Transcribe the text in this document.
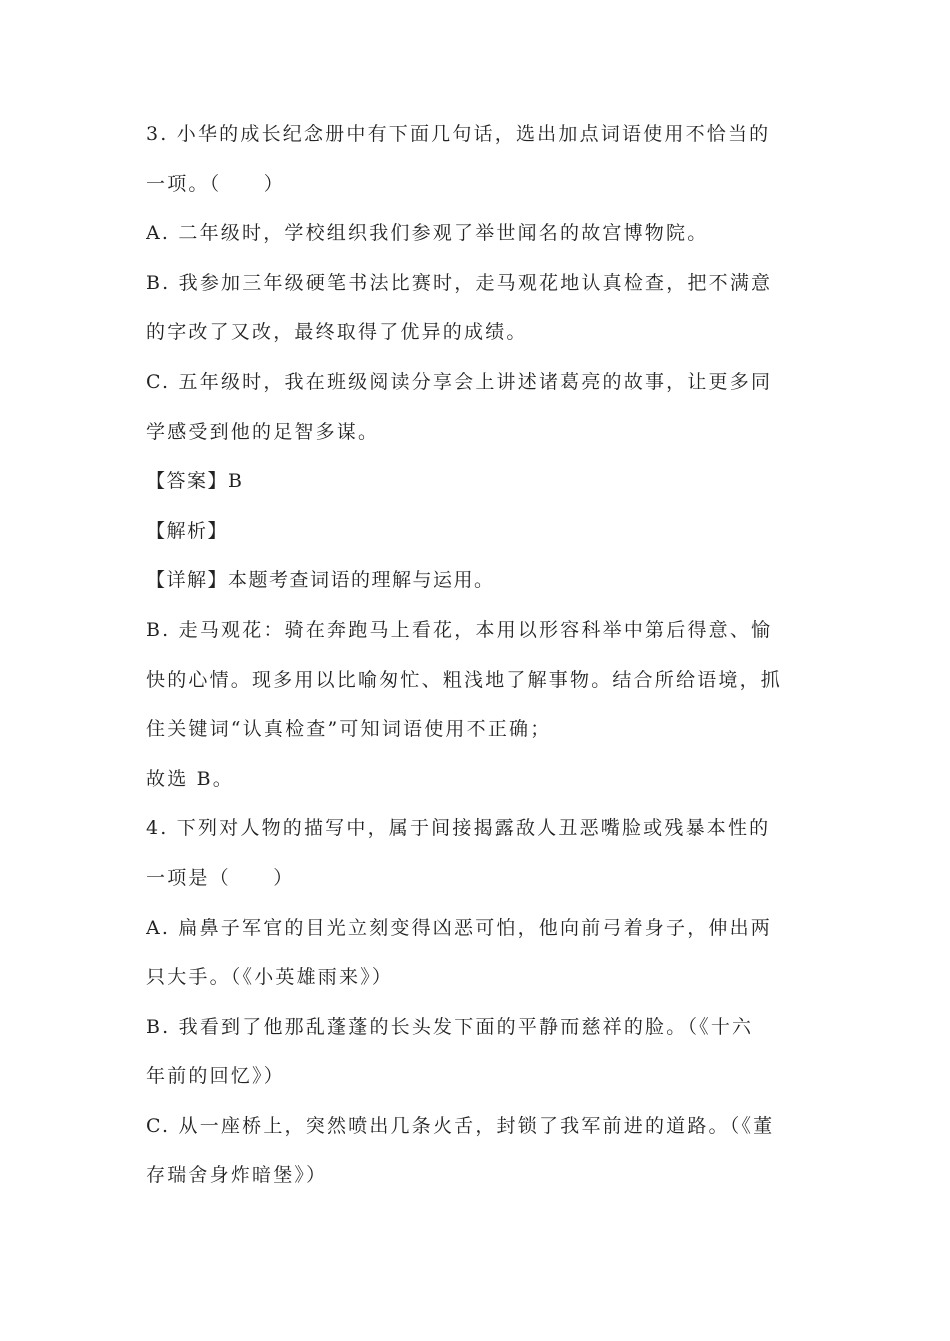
3. 小华的成长纪念册中有下面几句话，选出加点词语使用不恰当的
一项。（　　）
A. 二年级时，学校组织我们参观了举世闻名的故宫博物院。
B. 我参加三年级硬笔书法比赛时，走马观花地认真检查，把不满意
的字改了又改，最终取得了优异的成绩。
C. 五年级时，我在班级阅读分享会上讲述诸葛亮的故事，让更多同
学感受到他的足智多谋。
【答案】B
【解析】
【详解】本题考查词语的理解与运用。
B. 走马观花：骑在奔跑马上看花，本用以形容科举中第后得意、愉
快的心情。现多用以比喻匆忙、粗浅地了解事物。结合所给语境，抓
住关键词“认真检查”可知词语使用不正确；
故选 B。
4. 下列对人物的描写中，属于间接揭露敌人丑恶嘴脸或残暴本性的
一项是（　　）
A. 扁鼻子军官的目光立刻变得凶恶可怕，他向前弓着身子，伸出两
只大手。（《小英雄雨来》）
B. 我看到了他那乱蓬蓬的长头发下面的平静而慈祥的脸。（《十六
年前的回忆》）
C. 从一座桥上，突然喷出几条火舌，封锁了我军前进的道路。（《董
存瑞舍身炸暗堡》）
